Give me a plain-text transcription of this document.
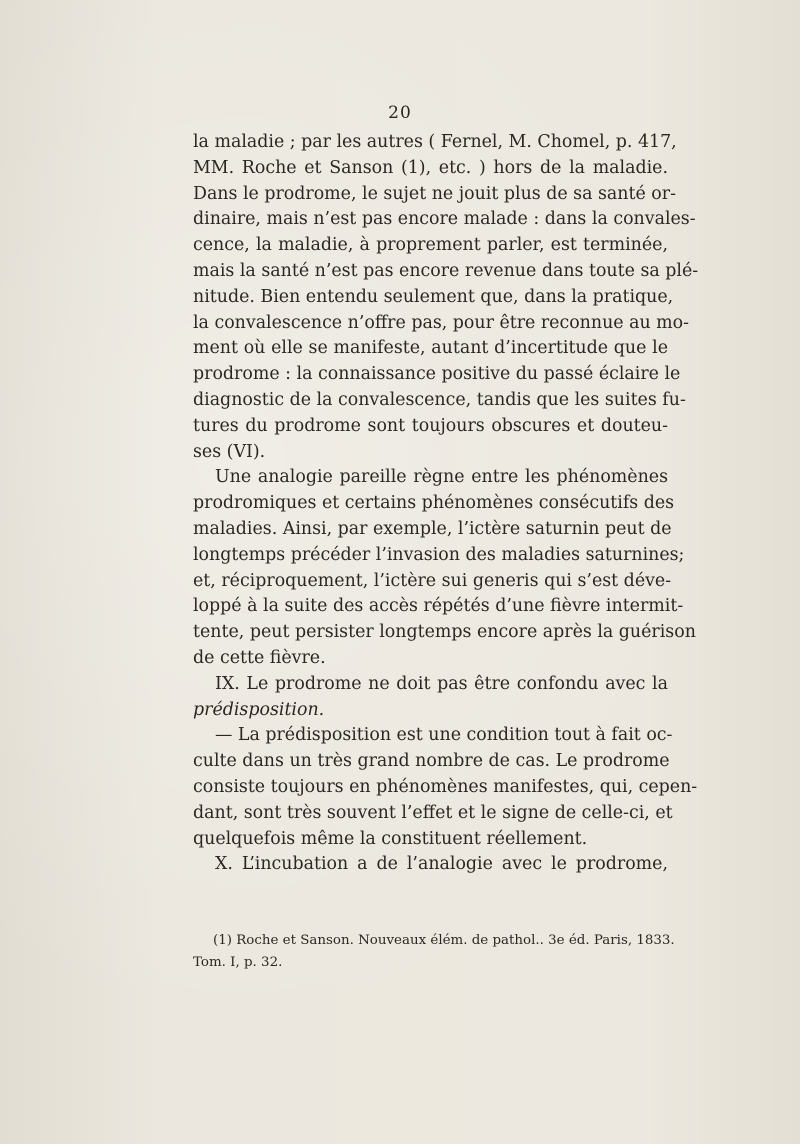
20
la maladie ; par les autres ( Fernel, M. Chomel, p. 417,
MM. Roche et Sanson (1), etc. ) hors de la maladie.
Dans le prodrome, le sujet ne jouit plus de sa santé or-
dinaire, mais n’est pas encore malade : dans la convales-
cence, la maladie, à proprement parler, est terminée,
mais la santé n’est pas encore revenue dans toute sa plé-
nitude. Bien entendu seulement que, dans la pratique,
la convalescence n’offre pas, pour être reconnue au mo-
ment où elle se manifeste, autant d’incertitude que le
prodrome : la connaissance positive du passé éclaire le
diagnostic de la convalescence, tandis que les suites fu-
tures du prodrome sont toujours obscures et douteu-
ses (VI).
Une analogie pareille règne entre les phénomènes
prodromiques et certains phénomènes consécutifs des
maladies. Ainsi, par exemple, l’ictère saturnin peut de
longtemps précéder l’invasion des maladies saturnines;
et, réciproquement, l’ictère sui generis qui s’est déve-
loppé à la suite des accès répétés d’une fièvre intermit-
tente, peut persister longtemps encore après la guérison
de cette fièvre.
IX. Le prodrome ne doit pas être confondu avec la
prédisposition.
— La prédisposition est une condition tout à fait oc-
culte dans un très grand nombre de cas. Le prodrome
consiste toujours en phénomènes manifestes, qui, cepen-
dant, sont très souvent l’effet et le signe de celle-ci, et
quelquefois même la constituent réellement.
X. L’incubation a de l’analogie avec le prodrome,
(1) Roche et Sanson. Nouveaux élém. de pathol.. 3e éd. Paris, 1833.
Tom. I, p. 32.
